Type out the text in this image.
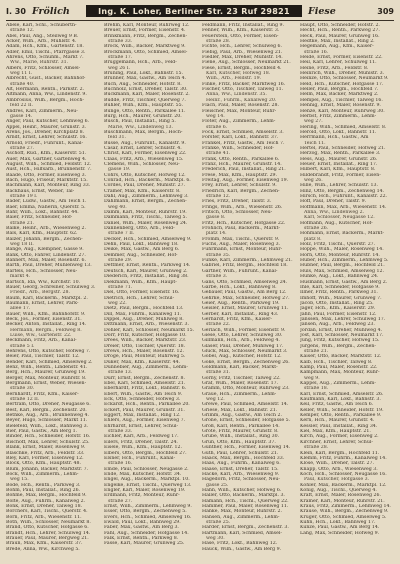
I. 30 Frölich	Ing. K. Loher, Berliner Str. 23 Ruf 29821	Fiese	309
Abele, Karl, Schl., Schuberth-
straße 12.
Abel, Paul, Ang., Steilweg 9 B.
Acker, Wilh., Arb., Mühlstr. 4.
Adam, Hch., Kfm., Gartenstr. 18.
Adler, Emil, Tischl., Pfarrgasse 3.
Ahrens, Otto, Schuhm., Markt 7.
Ww., Marie, Ruhrstr. 31.
Albers, Fritz, Schlosser, Amsel-
weg 11 I.
Albrecht, Gust., Bäcker, Bahnhof-
straße 40.
Alt, Hermann, Rentn., Parkstr. 2.
Altmann, Anna, Ww., Lindenstr. 9.
Ambrosius, Wilh., Bergm., Hoch-
feld 22 II.
Andres, Karl, Zimmerm., Neu-
gasse 14.
Anger, Paul, Kutscher, Lehmweg 6.
Appel, Heinr., Maurer, Grünstr. 3.
Arens, Jos., Dreher, Kirchplatz 8.
Arndt, Ernst, Lehrer, Schulstr. 16.
Arnold, Friedr., Fuhrunt., Kanal-
straße 27.
Aschoff, Rud., Kfm., Kaiserstr. 51.
Auer, Max, Gärtner, Gartenweg 4.
August, Wilh., Schmied, Feldstr. 12.
Aust, Hch., Hilfsarb., Brunnenstr. 7.
Baade, Otto, Former, Eisenweg 3.
Bach, Hugo, Friseur, Marktstr. 15.
Bachmann, Karl, Monteur, Ring 33.
Backhaus, Ernst, Weber, Tal-
straße 19 I.
Bader, Ludw., Gastw., Am Teich 1.
Baer, Emma, Näherin, Querstr. 5.
Bahr, Wilh., Lokf., Bahnstr. 44.
Baier, Fritz, Schneider, Hof-
straße 21.
Balke, Heinr., Arb., Wiesenweg 2.
Bals, Karl, Kfm., Hauptstr. 62.
Balzer, Johann, Bergm., Zechen-
weg 18 II.
Bange, Aug., Klempner, Gasse 9.
Bank, Otto, Fahrer, Lindenstr. 27.
Bannert, Max, Maler, Rosenstr. 6.
Barth, Paul, Dreher, Mühlenweg 13.
Bartels, Hch., Schlosser, Neu-
markt 4.
Bartsch, Ida, Ww., Kirchstr. 10.
Bauer, Georg, Schreiner, Schulweg 3.
Friedr., Arb., Bergstr. 28.
Baum, Karl, Bäckerm., Marktpl. 2.
Baumann, Ernst, Lehrer, Park-
allee 17.
Bauer, Wilh., Kfm., Bahnhofstr. 9.
Beck, Jos., Former, Eisenstr. 31.
Becker, Anton, Installat., Ring 14.
Hermann, Bergm., Feldweg 8.
Luise, Ww., Gartenstr. 22.
Beckmann, Fritz, Arb., Kanal-
straße 5 I.
Behrens, Otto, Kutscher, Hofweg 7.
Beier, Paul, Tischler, Talstr. 12.
Bender, Karl, Schmied, Amselweg 2.
Benz, Wilh., Rentn., Lindenstr. 41.
Berg, Hch., Maurer, Grünweg 19.
Berger, Max, Monteur, Ruhrstr. 8.
Bergmann, Ernst, Weber, Wiesen-
straße 30.
Bernhardt, Fritz, Kfm., Kaiser-
straße 12 II.
Bertram, Otto, Dreher, Neugasse 6.
Best, Karl, Bergm., Zechenstr. 20.
Bethke, Aug., Arb., Brunnenweg 4.
Beyer, Hugo, Schlosser, Markt 11.
Bielefeld, Wilh., Lokf., Bahnweg 3.
Bier, Paul, Gastw., Am Berg 1.
Binder, Hch., Schneider, Hofstr. 16.
Bischoff, Max, Lehrer, Schulstr. 25.
Blank, Ernst, Maler, Rosenweg 9.
Blaschke, Fritz, Arb., Feldstr. 33.
Bley, Karl, Former, Eisenweg 12.
Block, Otto, Kfm., Hauptstr. 48.
Blum, Johann, Bäcker, Marktstr. 7.
Bock, Wilh., Zimmerm., Lehm-
weg 15.
Bode, Hch., Rentn., Parkweg 3.
Böhm, Paul, Installat., Ring 26.
Böhme, Max, Bergm., Hochfeld 9.
Bolte, Aug., Fuhrm., Kanalweg 2.
Bonk, Ernst, Dreher, Talweg 18.
Borchers, Karl, Tischl., Querstr. 4.
Born, Fritz, Arb., Wiesenstr. 11.
Both, Wilh., Schlosser, Neumarkt 8.
Brand, Otto, Kutscher, Hofgasse 6.
Brandt, Hch., Lehrer, Schulweg 14.
Brauer, Paul, Maurer, Bergweg 21.
Braun, Max, Kfm., Kaiserstr. 37.
Brede, Anna, Ww., Kirchweg 5.
Brehm, Karl, Monteur, Ruhrweg 12.
Breuer, Ernst, Former, Eisenstr. 4.
Brinkmann, Fritz, Bergm., Zechen-
straße 33.
Brock, Wilh., Bäcker, Marktweg 9.
Brockmann, Otto, Schmied, Amsel-
straße 17.
Brüggemann, Hch., Arb., Feld-
weg 26 I.
Brüning, Paul, Lokf., Bahnstr. 15.
Brunner, Max, Gastw., Am Teich 4.
Buch, Aug., Schneider, Hofstr. 8.
Buchholz, Ernst, Dreher, Talstr. 30.
Bückmann, Karl, Maler, Rosenstr. 2.
Budde, Fritz, Tischler, Querweg 7.
Bühler, Wilh., Kfm., Hauptstr. 55.
Bunge, Otto, Rentn., Parkallee 11.
Burg, Hch., Maurer, Grünstr. 20.
Busch, Paul, Installat., Ring 5.
Marie, Ww., Lindenweg 13.
Buschmann, Max, Bergm., Hoch-
feld 31.
Busse, Aug., Fuhrunt., Kanalstr. 9.
Cäsar, Ernst, Lehrer, Schulstr. 4.
Christ, Karl, Former, Eisenweg 22.
Claas, Fritz, Arb., Wiesenweg 15.
Clemens, Wilh., Schlosser, Neu-
gasse 19.
Cohrs, Otto, Kutscher, Hofweg 12.
Conrad, Hch., Bäckerm., Marktpl. 6.
Cordes, Paul, Dreher, Mühlstr. 27.
Cramer, Max, Kfm., Kaiserstr. 8.
Dahl, Aug., Zimmerm., Lehmweg 3.
Dahlmann, Ernst, Bergm., Zechen-
weg 40.
Damm, Karl, Monteur, Ruhrstr. 19.
Dammann, Fritz, Tischl., Talweg 5.
Daniel, Wilh., Maler, Rosenweg 24.
Dannenberg, Otto, Arb., Feld-
straße 7 II.
Decker, Hch., Schmied, Amselweg 9.
Dehn, Paul, Lokf., Bahnweg 18.
Deike, Max, Gastw., Am Berg 6.
Demmer, Aug., Schneider, Hof-
straße 29.
Dettmer, Ernst, Rentn., Parkweg 14.
Deutsch, Karl, Maurer, Grünweg 2.
Diederich, Fritz, Installat., Ring 38.
Diekmann, Wilh., Kfm., Haupt-
straße 71.
Diel, Otto, Former, Eisenstr. 16.
Dietrich, Hch., Lehrer, Schul-
weg 22.
Dietz, Paul, Bergm., Hochfeld 13.
Dill, Max, Fuhrm., Kanalweg 11.
Dippel, Aug., Dreher, Mühlweg 8.
Dittmann, Ernst, Arb., Wiesenstr. 3.
Döhler, Karl, Schlosser, Neumarkt 15.
Dörr, Fritz, Kutscher, Hofgasse 10.
Drees, Wilh., Bäcker, Marktstr. 23.
Dreier, Otto, Tischler, Querstr. 18.
Drews, Hch., Maler, Rosenstr. 12.
Dröge, Paul, Monteur, Ruhrweg 5.
Düker, Max, Kfm., Kaiserstr. 44.
Dünnebier, Aug., Zimmerm., Lehm-
straße 13.
Dürr, Ernst, Bergm., Zechenstr. 8.
Ebel, Karl, Schmied, Amselstr. 21.
Eberhardt, Fritz, Lokf., Bahnstr. 6.
Ebert, Wilh., Gastw., Am Teich 9.
Eck, Otto, Schneider, Hofweg 3.
Eckardt, Hch., Rentn., Parkallee 20.
Eckert, Paul, Maurer, Grünstr. 31.
Eggert, Max, Installat., Ring 12.
Ehlers, Aug., Former, Eisenweg 7.
Ehrhardt, Ernst, Lehrer, Schul-
straße 33.
Eichler, Karl, Arb., Feldweg 17.
Eilers, Fritz, Dreher, Talstr. 24.
Eisele, Wilh., Kfm., Hauptstr. 12.
Elbers, Otto, Bergm., Hochfeld 27.
Elsner, Hch., Fuhrunt., Kanal-
straße 16.
Emde, Paul, Schlosser, Neugasse 2.
Ende, Max, Kutscher, Hofstr. 34.
Engel, Aug., Bäckerm., Marktpl. 10.
Engelke, Ernst, Tischl., Querweg 13.
Engler, Karl, Maler, Rosenweg 19.
Erdmann, Fritz, Monteur, Ruhr-
straße 27.
Ernst, Wilh., Zimmerm., Lehmweg 9.
Esser, Otto, Bergm., Zechenweg 5.
Evers, Hch., Schmied, Amselweg 16.
Ewald, Paul, Lokf., Bahnweg 29.
Faber, Max, Gastw., Am Berg 3.
Fahl, Aug., Schneider, Hofgasse 14.
Falk, Ernst, Rentn., Parkweg 8.
Fasse, Karl, Maurer, Grünweg 25.
Feldmann, Fritz, Installat., Ring 9.
Fenner, Wilh., Kfm., Kaiserstr. 3.
Feuerstein, Otto, Former, Eisen-
straße 28.
Fichte, Hch., Lehrer, Schulweg 6.
Fiebig, Paul, Arb., Wiesenweg 21.
Fiedler, Max, Dreher, Mühlstr. 14.
Fiene, Aug., Schlosser, Neumarkt 21.
Fiese, Ernst, Bergm., Hochfeld 4.
Karl, Kutscher, Hofweg 18.
Wilh., Arb., Feldstr. 19.
Finke, Fritz, Bäcker, Marktweg 16.
Fischer, Otto, Tischler, Talweg 11.
Anna, Ww., Lindenstr. 35.
Heinr., Fuhrm., Kanalweg 20.
Flach, Paul, Maler, Rosenstr. 28.
Fleischer, Max, Monteur, Ruhr-
weg 14.
Flöter, Aug., Zimmerm., Lehm-
straße 6.
Fock, Ernst, Schmied, Amselstr. 3.
Förster, Karl, Lokf., Bahnstr. 37.
Fränkel, Fritz, Gastw., Am Teich 7.
Franke, Wilh., Schneider, Hof-
straße 41.
Frank, Otto, Rentn., Parkallee 6.
Franz, Hch., Maurer, Grünstr. 14.
Frederich, Paul, Installat., Ring 21.
Frese, Max, Kfm., Hauptstr. 29.
Freitag, Aug., Former, Eisenweg 19.
Frey, Ernst, Lehrer, Schulstr. 9.
Friedrich, Karl, Bergm., Zechen-
straße 12.
Fries, Fritz, Dreher, Talstr. 3.
Frings, Wilh., Arb., Wiesenstr. 26.
Fritsch, Otto, Schlosser, Neu-
gasse 8.
Fritz, Hch., Kutscher, Hofgasse 22.
Fröhlich, Paul, Bäckerm., Markt-
platz 14.
Fromm, Max, Tischl., Querstr. 9.
Fuchs, Aug., Maler, Rosenweg 3.
Fuhrmann, Ernst, Monteur, Ruhr-
straße 35.
Funke, Karl, Zimmerm., Lehmweg 21.
Gabriel, Fritz, Bergm., Hochfeld 18.
Gärtner, Wilh., Fuhrunt., Kanal-
straße 3.
Gans, Otto, Schmied, Amselweg 24.
Garbe, Hch., Lokf., Bahnweg 8.
Gebauer, Paul, Gastw., Am Berg 12.
Gehrke, Max, Schneider, Hofweg 27.
Geier, Aug., Rentn., Parkweg 19.
Geisler, Ernst, Maurer, Grünweg 11.
Gerber, Karl, Installat., Ring 43.
Gerhardt, Fritz, Kfm., Kaiser-
straße 22.
Gerlach, Wilh., Former, Eisenstr. 9.
Giese, Otto, Lehrer, Schulweg 30.
Gillmann, Hch., Arb., Feldweg 4.
Glaser, Paul, Dreher, Mühlweg 17.
Glück, Max, Schlosser, Neumarkt 3.
Göbel, Aug., Kutscher, Hofstr. 12.
Göke, Ernst, Bergm., Zechenweg 26.
Goldmann, Karl, Bäcker, Markt-
straße 31.
Gorny, Fritz, Tischler, Talweg 22.
Graf, Wilh., Maler, Rosenstr. 17.
Gramm, Otto, Monteur, Ruhrweg 23.
Graue, Hch., Zimmerm., Lehm-
weg 12.
Grewe, Paul, Schmied, Amselstr. 14.
Griese, Max, Lokf., Bahnstr. 21.
Grimm, Aug., Gastw., Am Teich 2.
Gröne, Ernst, Schneider, Hofgasse 5.
Groß, Karl, Rentn., Parkallee 14.
Grote, Fritz, Maurer, Grünstr. 8.
Grube, Wilh., Installat., Ring 30.
Grün, Otto, Kfm., Hauptstr. 37.
Günther, Hch., Former, Eisenweg 14.
Guth, Paul, Lehrer, Schulstr. 21.
Haack, Max, Bergm., Hochfeld 33.
Haas, Aug., Fuhrm., Kanalweg 6.
Haase, Ernst, Dreher, Talstr. 15.
Hacke, Karl, Arb., Wiesenweg 9.
Hagedorn, Fritz, Schlosser, Neu-
gasse 25.
Hahn, Wilh., Kutscher, Hofweg 6.
Haller, Otto, Bäckerm., Marktpl. 3.
Hamann, Hch., Tischl., Querweg 22.
Hammer, Paul, Maler, Rosenweg 11.
Hanke, Max, Monteur, Ruhrstr. 2.
Hansen, Aug., Zimmerm., Lehm-
straße 25.
Harder, Ernst, Bergm., Zechenstr. 3.
Hartmann, Karl, Schmied, Amsel-
weg 30.
Hase, Fritz, Lokf., Bahnweg 12.
Hauck, Wilh., Gastw., Am Berg 9.
Haupt, Otto, Schneider, Hofstr. 2.
Hecht, Hch., Rentn., Parkweg 27.
Heck, Paul, Maurer, Grünweg 16.
Hedtke, Max, Installat., Ring 2.
Hegemann, Aug., Kfm., Kaiser-
straße 16.
Heide, Ernst, Former, Eisenstr. 22.
Heil, Karl, Lehrer, Schulweg 11.
Heine, Fritz, Arb., Feldstr. 8.
Heinrich, Wilh., Dreher, Mühlstr. 3.
Heinze, Otto, Schlosser, Neumarkt 9.
Held, Hch., Kutscher, Hofgasse 17.
Heller, Paul, Bergm., Hochfeld 7.
Helm, Max, Bäcker, Marktweg 2.
Hempel, Aug., Tischler, Talweg 16.
Hennig, Ernst, Maler, Rosenstr. 9.
Henze, Karl, Monteur, Ruhrweg 30.
Herbst, Fritz, Zimmerm., Lehm-
weg 27.
Hering, Wilh., Schmied, Amselstr. 8.
Herold, Otto, Lokf., Bahnstr. 11.
Herrmann, Hch., Gastw., Am
Teich 11.
Hertel, Paul, Schneider, Hofweg 21.
Herzog, Max, Rentn., Parkallee 3.
Hess, Aug., Maurer, Grünstr. 26.
Heuer, Ernst, Installat., Ring 17.
Hilbert, Karl, Kfm., Hauptstr. 8.
Hildebrandt, Fritz, Former, Eisen-
weg 26.
Hille, Wilh., Lehrer, Schulstr. 13.
Hinz, Otto, Bergm., Zechenweg 14.
Hirsch, Hch., Fuhrunt., Kanalstr. 22.
Hoff, Paul, Dreher, Talstr. 9.
Hoffmann, Max, Arb., Wiesenstr. 14.
Anna, Ww., Lindenweg 2.
Karl, Schlosser, Neugasse 12.
Hofmann, Aug., Kutscher, Hof-
straße 26.
Hohmann, Ernst, Bäckerm., Markt-
platz 8.
Holz, Fritz, Tischl., Querstr. 27.
Hoppe, Wilh., Maler, Rosenweg 14.
Horn, Otto, Monteur, Ruhrstr. 14.
Huber, Hch., Zimmerm., Lehmweg 5.
Hübner, Paul, Bergm., Hochfeld 21.
Hüls, Max, Schmied, Amselweg 12.
Hunke, Aug., Lokf., Bahnweg 24.
Husmann, Ernst, Gastw., Am Berg 2.
Ihle, Karl, Schneider, Hofgasse 9.
Illner, Fritz, Rentn., Parkweg 31.
Imhoff, Wilh., Maurer, Grünweg 7.
Jacob, Otto, Installat., Ring 25.
Jäger, Hch., Kfm., Kaiserstr. 29.
Jahn, Paul, Former, Eisenstr. 12.
Janssen, Max, Lehrer, Schulweg 17.
Jansen, Aug., Arb., Feldweg 23.
Jordan, Ernst, Dreher, Mühlweg 4.
Jost, Karl, Schlosser, Neumarkt 17.
Jung, Fritz, Kutscher, Hofweg 15.
Jürgens, Wilh., Bergm., Zechen-
straße 21.
Kaiser, Otto, Bäcker, Marktstr. 12.
Kalb, Hch., Tischler, Talweg 8.
Kamp, Paul, Maler, Rosenstr. 22.
Kampmann, Max, Monteur, Ruhr-
weg 9.
Kappel, Aug., Zimmerm., Lehm-
straße 18.
Karl, Ernst, Schmied, Amselstr. 26.
Kaufmann, Karl, Lokf., Bahnstr. 3.
Keil, Fritz, Gastw., Am Teich 6.
Keller, Wilh., Schneider, Hofstr. 19.
Kemper, Otto, Rentn., Parkallee 9.
Kern, Hch., Maurer, Grünstr. 4.
Kessler, Paul, Installat., Ring 34.
Kiel, Max, Kfm., Hauptstr. 21.
Kirch, Aug., Former, Eisenweg 2.
Kirchner, Ernst, Lehrer, Schul-
straße 28.
Klein, Karl, Bergm., Hochfeld 11.
Klemm, Fritz, Fuhrm., Kanalweg 14.
Klose, Wilh., Dreher, Talstr. 27.
Knapp, Otto, Arb., Wiesenweg 3.
Koch, Hch., Schlosser, Neugasse 16.
Paul, Kutscher, Hofgasse 3.
Köhler, Max, Bäckerm., Marktpl. 12.
König, Aug., Tischl., Querweg 4.
Kraft, Ernst, Maler, Rosenweg 26.
Kramer, Karl, Monteur, Ruhrstr. 21.
Kraus, Fritz, Zimmerm., Lehmweg 14.
Krause, Wilh., Bergm., Zechenweg 9.
Krüger, Otto, Schmied, Amselweg 5.
Kuhn, Hch., Lokf., Bahnweg 17.
Kunze, Paul, Gastw., Am Berg 14.
Lang, Max, Schneider, Hofweg 9.
